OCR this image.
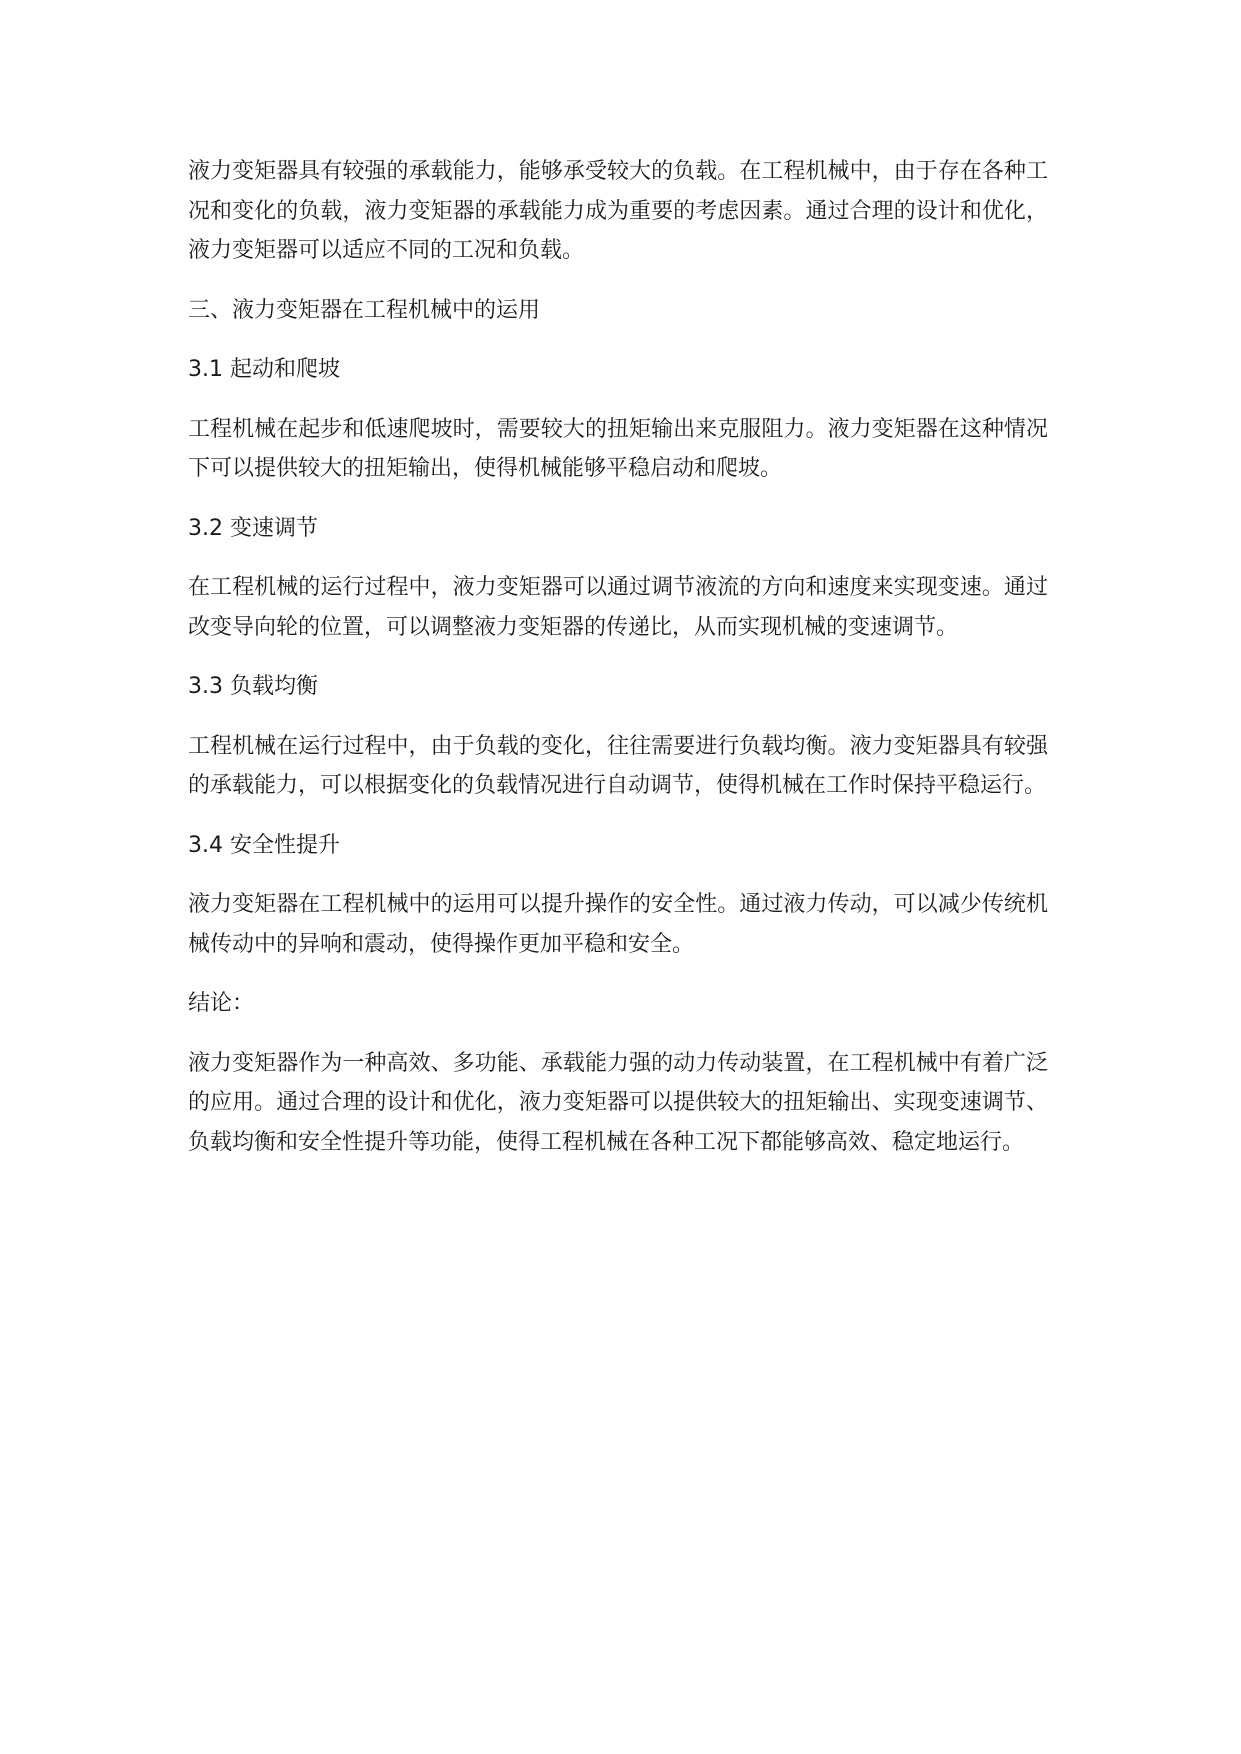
液力变矩器具有较强的承载能力，能够承受较大的负载。在工程机械中，由于存在各种工况和变化的负载，液力变矩器的承载能力成为重要的考虑因素。通过合理的设计和优化，液力变矩器可以适应不同的工况和负载。

三、液力变矩器在工程机械中的运用

3.1 起动和爬坡

工程机械在起步和低速爬坡时，需要较大的扭矩输出来克服阻力。液力变矩器在这种情况下可以提供较大的扭矩输出，使得机械能够平稳启动和爬坡。

3.2 变速调节

在工程机械的运行过程中，液力变矩器可以通过调节液流的方向和速度来实现变速。通过改变导向轮的位置，可以调整液力变矩器的传递比，从而实现机械的变速调节。

3.3 负载均衡

工程机械在运行过程中，由于负载的变化，往往需要进行负载均衡。液力变矩器具有较强的承载能力，可以根据变化的负载情况进行自动调节，使得机械在工作时保持平稳运行。

3.4 安全性提升

液力变矩器在工程机械中的运用可以提升操作的安全性。通过液力传动，可以减少传统机械传动中的异响和震动，使得操作更加平稳和安全。

结论：

液力变矩器作为一种高效、多功能、承载能力强的动力传动装置，在工程机械中有着广泛的应用。通过合理的设计和优化，液力变矩器可以提供较大的扭矩输出、实现变速调节、负载均衡和安全性提升等功能，使得工程机械在各种工况下都能够高效、稳定地运行。
